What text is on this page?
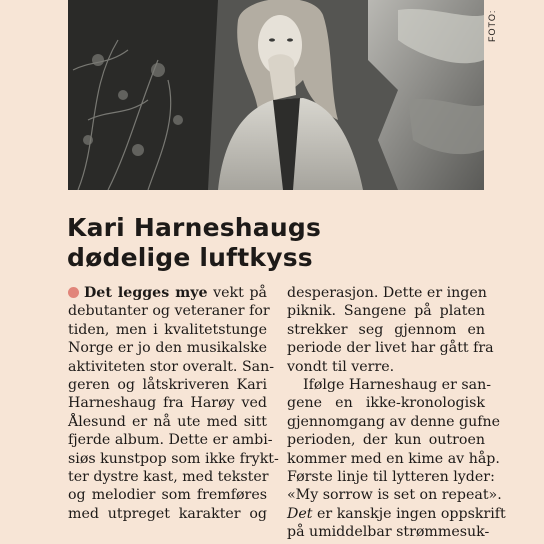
FOTO:
Kari Harneshaugs
dødelige luftkyss
Det legges mye vekt på
debutanter og veteraner for
tiden, men i kvalitetstunge
Norge er jo den musikalske
aktiviteten stor overalt. San-
geren og låtskriveren Kari
Harneshaug fra Harøy ved
Ålesund er nå ute med sitt
fjerde album. Dette er ambi-
siøs kunstpop som ikke frykt-
ter dystre kast, med tekster
og melodier som fremføres
med utpreget karakter og
desperasjon. Dette er ingen
piknik. Sangene på platen
strekker seg gjennom en
periode der livet har gått fra
vondt til verre.
Ifølge Harneshaug er san-
gene en ikke-kronologisk
gjennomgang av denne gufne
perioden, der kun outroen
kommer med en kime av håp.
Første linje til lytteren lyder:
«My sorrow is set on repeat».
Det er kanskje ingen oppskrift
på umiddelbar strømmesuk-
